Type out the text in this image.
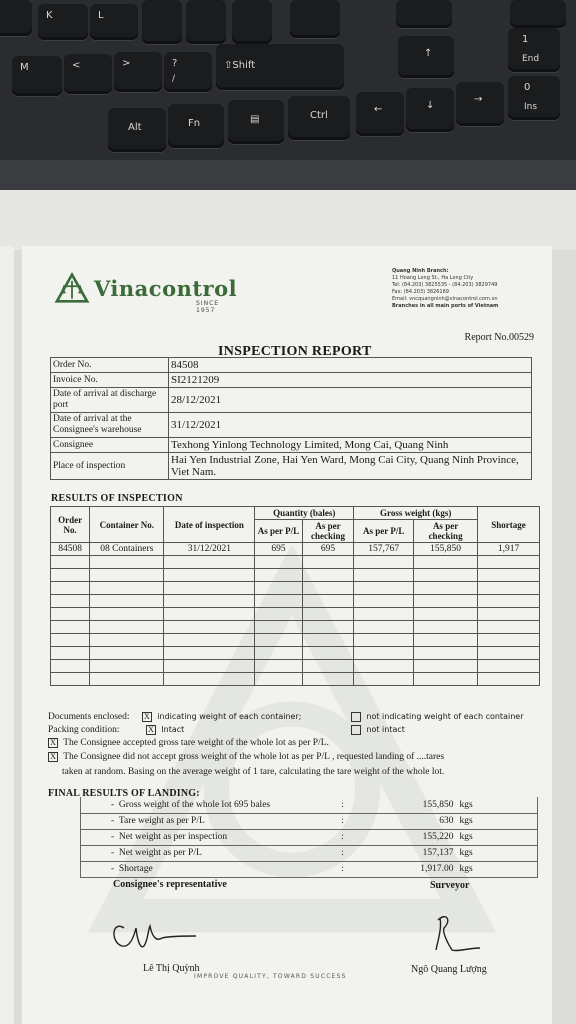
K	L
M	<	>	?
/
⇧Shift
↑
1
End
Alt	Fn	▤	Ctrl
←	↓
→
0
Ins
Vinacontrol
SINCE 1957
Quang Ninh Branch:
11 Hoang Long St., Ha Long City
Tel: (84.203) 3825535 - (84.203) 3829749
Fax: (84.203) 3826169
Email: vncquangninh@vinacontrol.com.vn
Branches in all main ports of Vietnam
Report No.00529
INSPECTION REPORT
Order No.	84508
Invoice No.	SI2121209
Date of arrival at discharge port	28/12/2021
Date of arrival at the Consignee's warehouse	31/12/2021
Consignee	Texhong Yinlong Technology Limited, Mong Cai, Quang Ninh
Place of inspection	Hai Yen Industrial Zone, Hai Yen Ward, Mong Cai City, Quang Ninh Province, Viet Nam.
RESULTS OF INSPECTION
Order No.	Container No.	Date of inspection	Quantity (bales)		Gross weight (kgs)		Shortage
			As per P/L	As per checking	As per P/L	As per checking	
84508	08 Containers	31/12/2021	695	695	157,767	155,850	1,917

Documents enclosed: X indicating weight of each container;	not indicating weight of each container
Packing condition:	X Intact	not intact
X The Consignee accepted gross tare weight of the whole lot as per P/L.
X The Consignee did not accept gross weight of the whole lot as per P/L , requested landing of ....tares
taken at random. Basing on the average weight of 1 tare, calculating the tare weight of the whole lot.
FINAL RESULTS OF LANDING:
-  Gross weight of the whole lot 695 bales	:	155,850	kgs
-  Tare weight as per P/L	:	630	kgs
-  Net weight as per inspection	:	155,220	kgs
-  Net weight as per P/L	:	157,137	kgs
-  Shortage	:	1,917.00	kgs
Consignee's representative	Surveyor
Lê Thị Quỳnh	Ngô Quang Lượng
IMPROVE QUALITY, TOWARD SUCCESS
